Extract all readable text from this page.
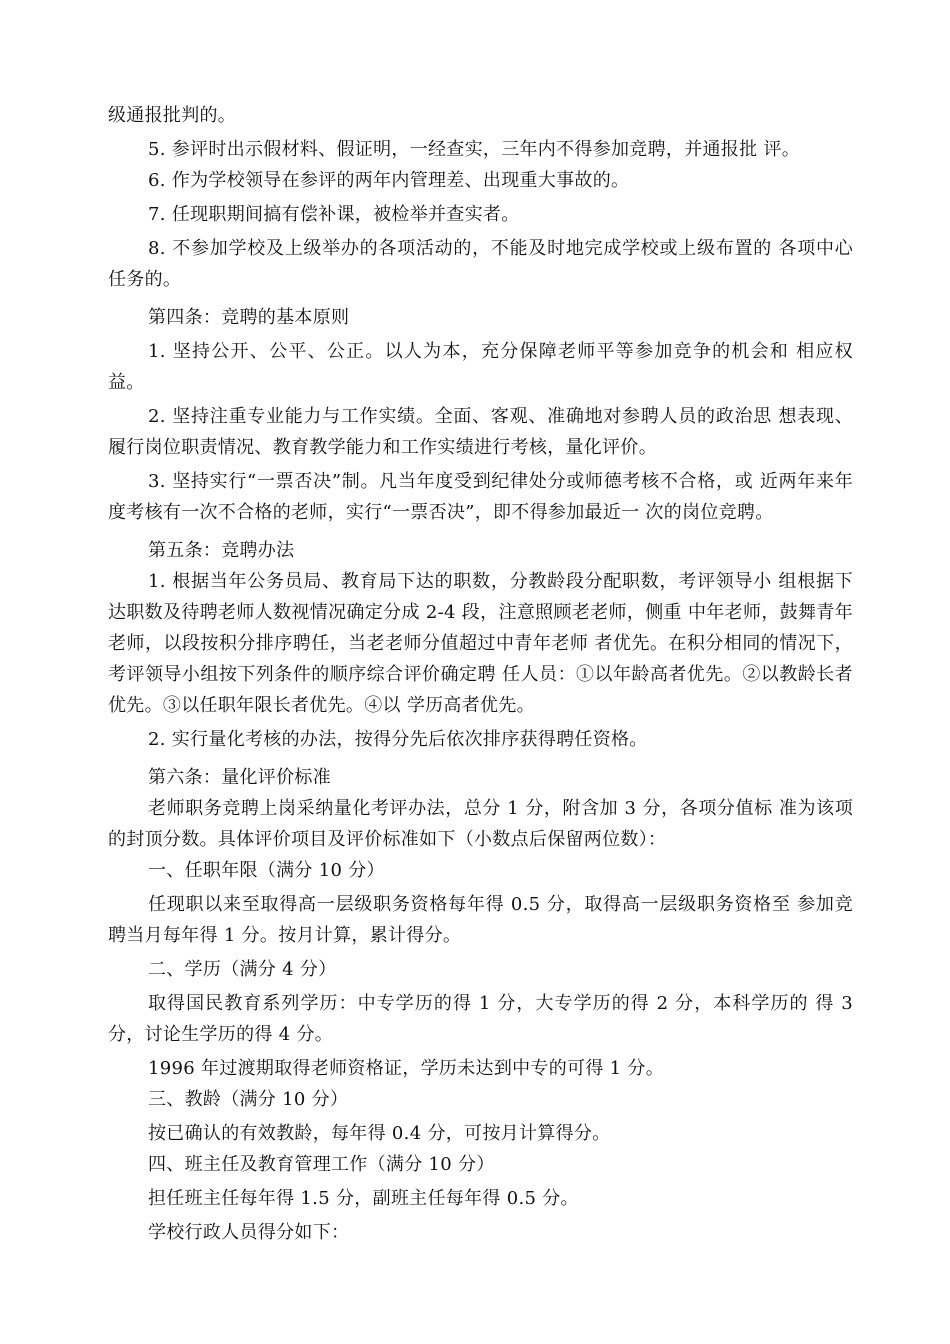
级通报批判的。

5. 参评时出示假材料、假证明，一经查实，三年内不得参加竞聘，并通报批 评。

6. 作为学校领导在参评的两年内管理差、出现重大事故的。

7. 任现职期间搞有偿补课，被检举并查实者。

8. 不参加学校及上级举办的各项活动的，不能及时地完成学校或上级布置的 各项中心任务的。

第四条：竞聘的基本原则

1. 坚持公开、公平、公正。以人为本，充分保障老师平等参加竞争的机会和 相应权益。

2. 坚持注重专业能力与工作实绩。全面、客观、准确地对参聘人员的政治思 想表现、履行岗位职责情况、教育教学能力和工作实绩进行考核，量化评价。

3. 坚持实行“一票否决”制。凡当年度受到纪律处分或师德考核不合格，或 近两年来年度考核有一次不合格的老师，实行“一票否决”，即不得参加最近一 次的岗位竞聘。

第五条：竞聘办法

1. 根据当年公务员局、教育局下达的职数，分教龄段分配职数，考评领导小 组根据下达职数及待聘老师人数视情况确定分成 2-4 段，注意照顾老老师，侧重 中年老师，鼓舞青年老师，以段按积分排序聘任，当老老师分值超过中青年老师 者优先。在积分相同的情况下，考评领导小组按下列条件的顺序综合评价确定聘 任人员：①以年龄高者优先。②以教龄长者优先。③以任职年限长者优先。④以 学历高者优先。

2. 实行量化考核的办法，按得分先后依次排序获得聘任资格。

第六条：量化评价标准

老师职务竞聘上岗采纳量化考评办法，总分 1 分，附含加 3 分，各项分值标 准为该项的封顶分数。具体评价项目及评价标准如下（小数点后保留两位数）：

一、任职年限（满分 10 分）

任现职以来至取得高一层级职务资格每年得 0.5 分，取得高一层级职务资格至 参加竞聘当月每年得 1 分。按月计算，累计得分。

二、学历（满分 4 分）

取得国民教育系列学历：中专学历的得 1 分，大专学历的得 2 分，本科学历的 得 3 分，讨论生学历的得 4 分。

1996 年过渡期取得老师资格证，学历未达到中专的可得 1 分。

三、教龄（满分 10 分）

按已确认的有效教龄，每年得 0.4 分，可按月计算得分。

四、班主任及教育管理工作（满分 10 分）

担任班主任每年得 1.5 分，副班主任每年得 0.5 分。

学校行政人员得分如下：
